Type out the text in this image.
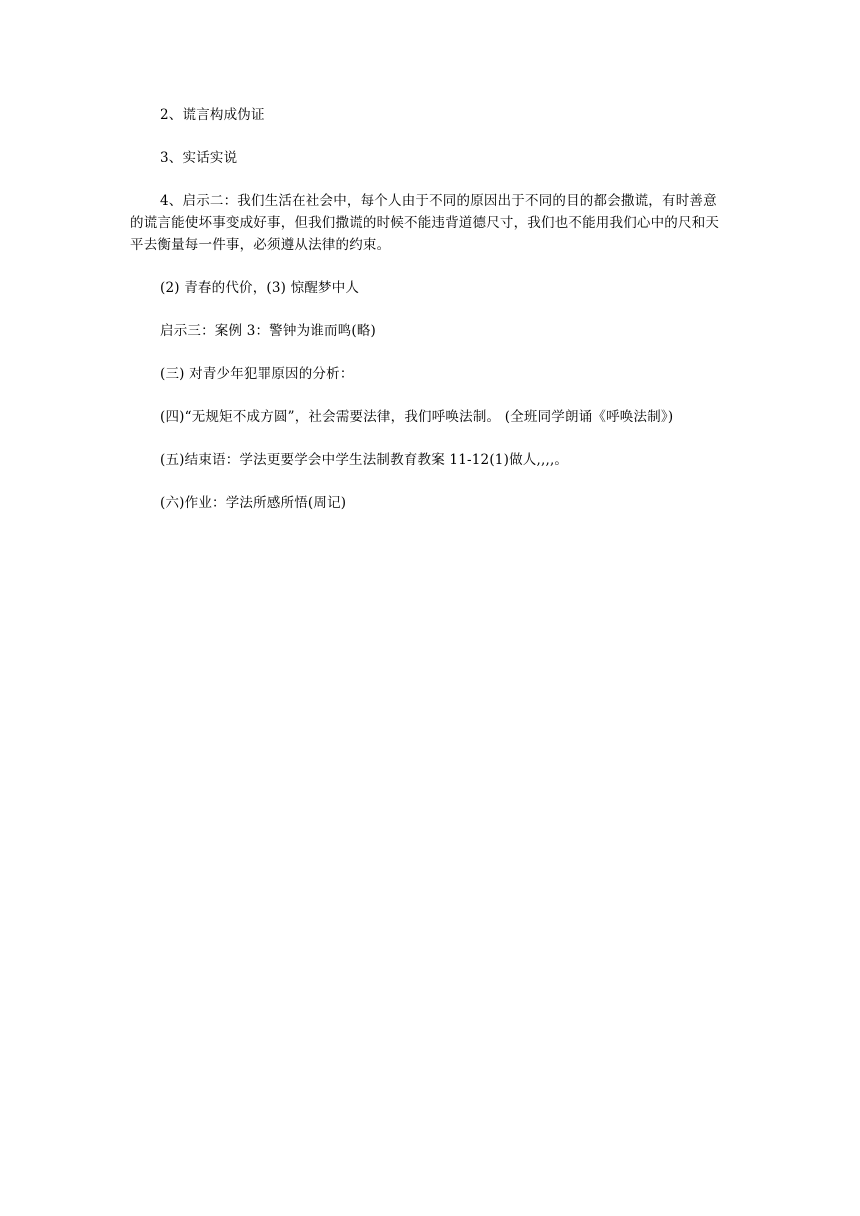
2、谎言构成伪证

3、实话实说

4、启示二：我们生活在社会中，每个人由于不同的原因出于不同的目的都会撒谎，有时善意的谎言能使坏事变成好事，但我们撒谎的时候不能违背道德尺寸，我们也不能用我们心中的尺和天平去衡量每一件事，必须遵从法律的约束。

(2) 青春的代价，(3) 惊醒梦中人

启示三：案例 3：警钟为谁而鸣(略)

(三) 对青少年犯罪原因的分析：

(四)“无规矩不成方圆”，社会需要法律，我们呼唤法制。 (全班同学朗诵《呼唤法制》)

(五)结束语：学法更要学会中学生法制教育教案 11-12(1)做人,,,,。

(六)作业：学法所感所悟(周记)
